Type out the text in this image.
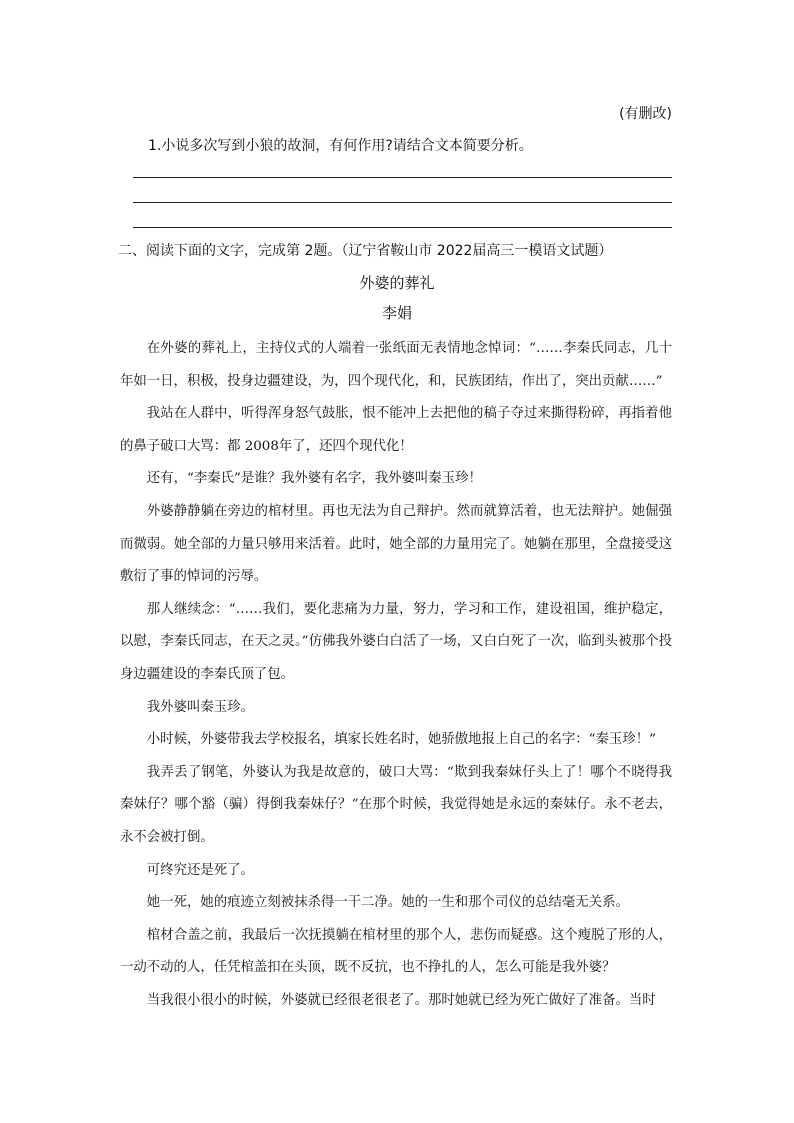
(有删改)
1.小说多次写到小狼的故洞，有何作用?请结合文本简要分析。
二、阅读下面的文字，完成第 2题。（辽宁省鞍山市 2022届高三一模语文试题）
外婆的葬礼
李娟

在外婆的葬礼上，主持仪式的人端着一张纸面无表情地念悼词：“……李秦氏同志，几十年如一日，积极，投身边疆建设，为，四个现代化，和，民族团结，作出了，突出贡献……”

我站在人群中，听得浑身怒气鼓胀，恨不能冲上去把他的稿子夺过来撕得粉碎，再指着他的鼻子破口大骂：都 2008年了，还四个现代化！

还有，“李秦氏”是谁？我外婆有名字，我外婆叫秦玉珍！

外婆静静躺在旁边的棺材里。再也无法为自己辩护。然而就算活着，也无法辩护。她倔强而微弱。她全部的力量只够用来活着。此时，她全部的力量用完了。她躺在那里，全盘接受这敷衍了事的悼词的污辱。

那人继续念：“……我们，要化悲痛为力量，努力，学习和工作，建设祖国，维护稳定，以慰，李秦氏同志，在天之灵。”仿佛我外婆白白活了一场，又白白死了一次，临到头被那个投身边疆建设的李秦氏顶了包。

我外婆叫秦玉珍。

小时候，外婆带我去学校报名，填家长姓名时，她骄傲地报上自己的名字：“秦玉珍！”

我弄丢了钢笔，外婆认为我是故意的，破口大骂：“欺到我秦妹仔头上了！哪个不晓得我秦妹仔？哪个豁（骗）得倒我秦妹仔？”在那个时候，我觉得她是永远的秦妹仔。永不老去，永不会被打倒。

可终究还是死了。

她一死，她的痕迹立刻被抹杀得一干二净。她的一生和那个司仪的总结毫无关系。

棺材合盖之前，我最后一次抚摸躺在棺材里的那个人，悲伤而疑惑。这个瘦脱了形的人，一动不动的人，任凭棺盖扣在头顶，既不反抗，也不挣扎的人，怎么可能是我外婆？

当我很小很小的时候，外婆就已经很老很老了。那时她就已经为死亡做好了准备。当时
